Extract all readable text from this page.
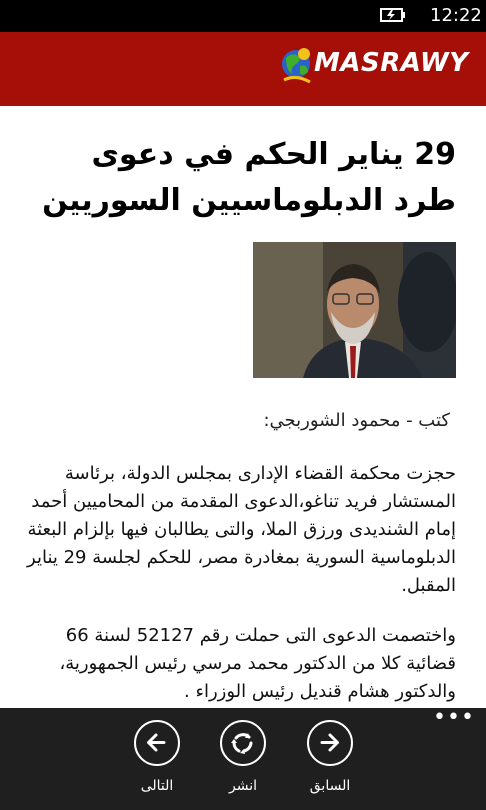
12:22
MASRAWY
29 يناير الحكم في دعوى طرد الدبلوماسيين السوريين

كتب - محمود الشوربجي:

حجزت محكمة القضاء الإدارى بمجلس الدولة، برئاسة المستشار فريد تناغو،الدعوى المقدمة من المحاميين أحمد إمام الشنديدى ورزق الملا، والتى يطالبان فيها بإلزام البعثة الدبلوماسية السورية بمغادرة مصر، للحكم لجلسة 29 يناير المقبل.

واختصمت الدعوى التى حملت رقم 52127 لسنة 66 قضائية كلا من الدكتور محمد مرسي رئيس الجمهورية، والدكتور هشام قنديل رئيس الوزراء .

•••
التالى	انشر	السابق
